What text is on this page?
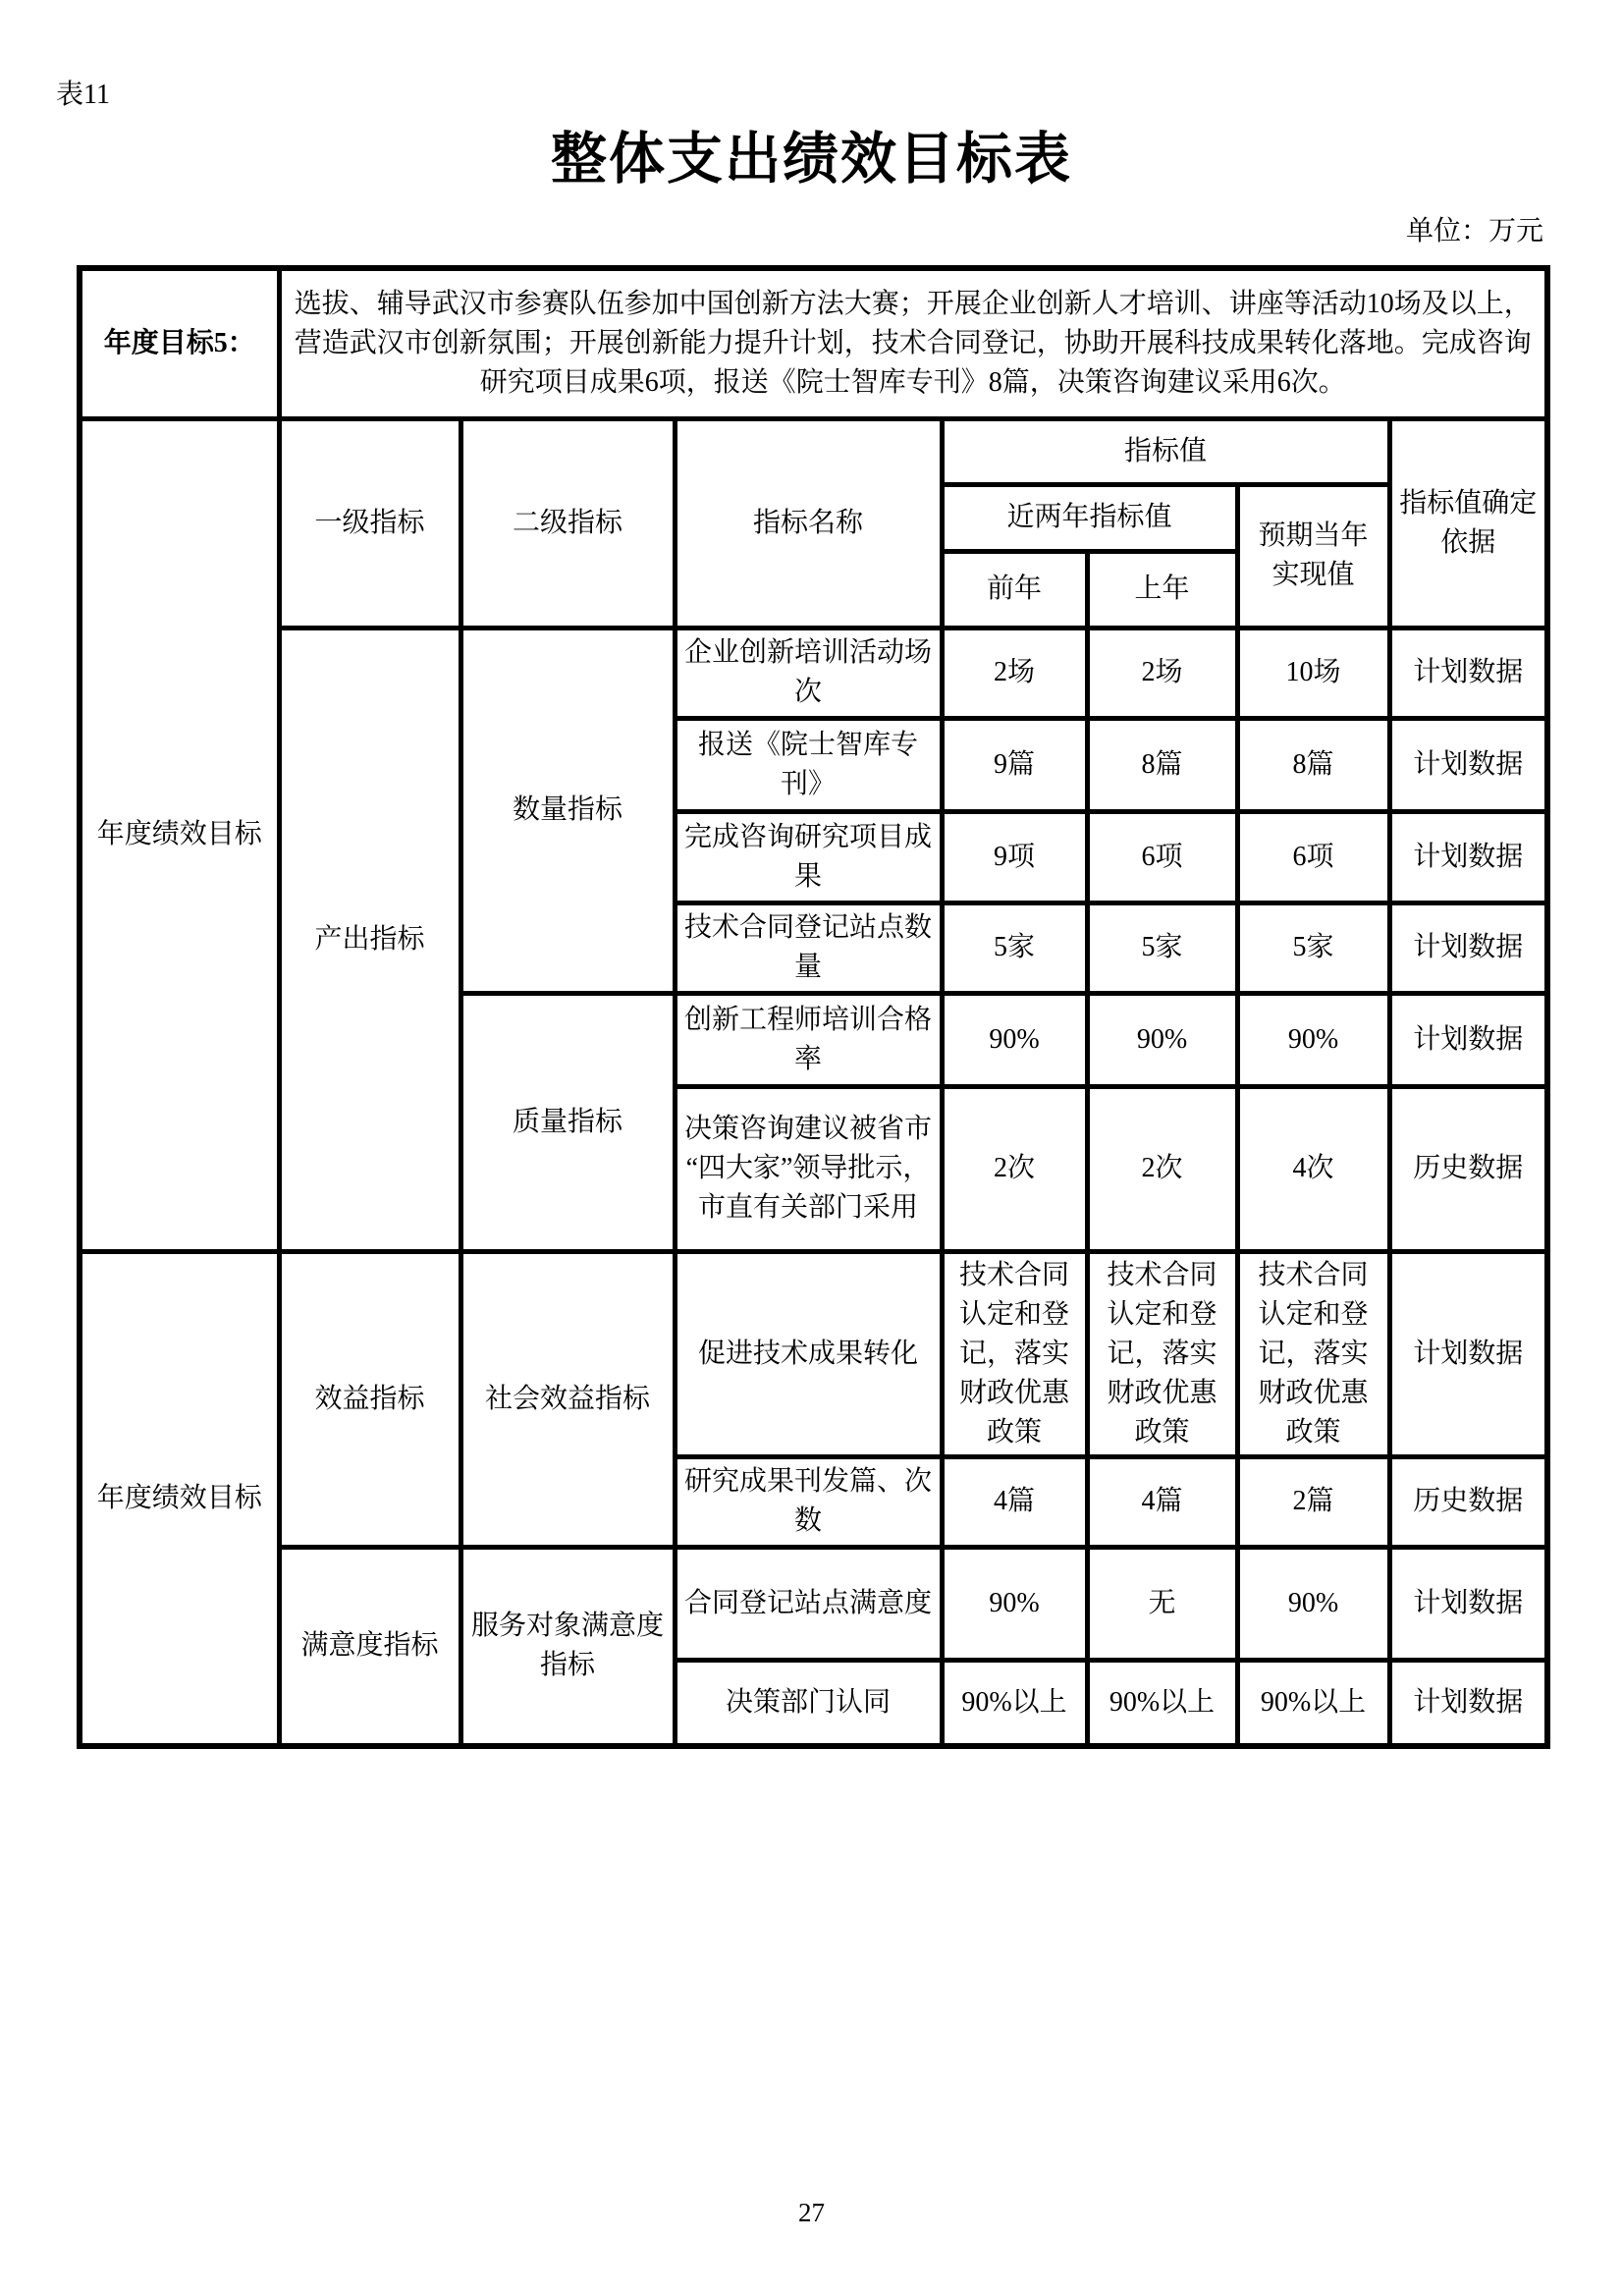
表11
整体支出绩效目标表
单位：万元
年度目标5：	选拔、辅导武汉市参赛队伍参加中国创新方法大赛；开展企业创新人才培训、讲座等活动10场及以上，营造武汉市创新氛围；开展创新能力提升计划，技术合同登记，协助开展科技成果转化落地。完成咨询研究项目成果6项，报送《院士智库专刊》8篇，决策咨询建议采用6次。						
年度绩效目标	一级指标	二级指标	指标名称	指标值			指标值确定依据
				近两年指标值		预期当年实现值	
				前年	上年		
	产出指标	数量指标	企业创新培训活动场次	2场	2场	10场	计划数据
			报送《院士智库专刊》	9篇	8篇	8篇	计划数据
			完成咨询研究项目成果	9项	6项	6项	计划数据
			技术合同登记站点数量	5家	5家	5家	计划数据
		质量指标	创新工程师培训合格率	90%	90%	90%	计划数据
			决策咨询建议被省市“四大家”领导批示，市直有关部门采用	2次	2次	4次	历史数据
年度绩效目标	效益指标	社会效益指标	促进技术成果转化	技术合同认定和登记，落实财政优惠政策	技术合同认定和登记，落实财政优惠政策	技术合同认定和登记，落实财政优惠政策	计划数据
			研究成果刊发篇、次数	4篇	4篇	2篇	历史数据
	满意度指标	服务对象满意度指标	合同登记站点满意度	90%	无	90%	计划数据
			决策部门认同	90%以上	90%以上	90%以上	计划数据
27
